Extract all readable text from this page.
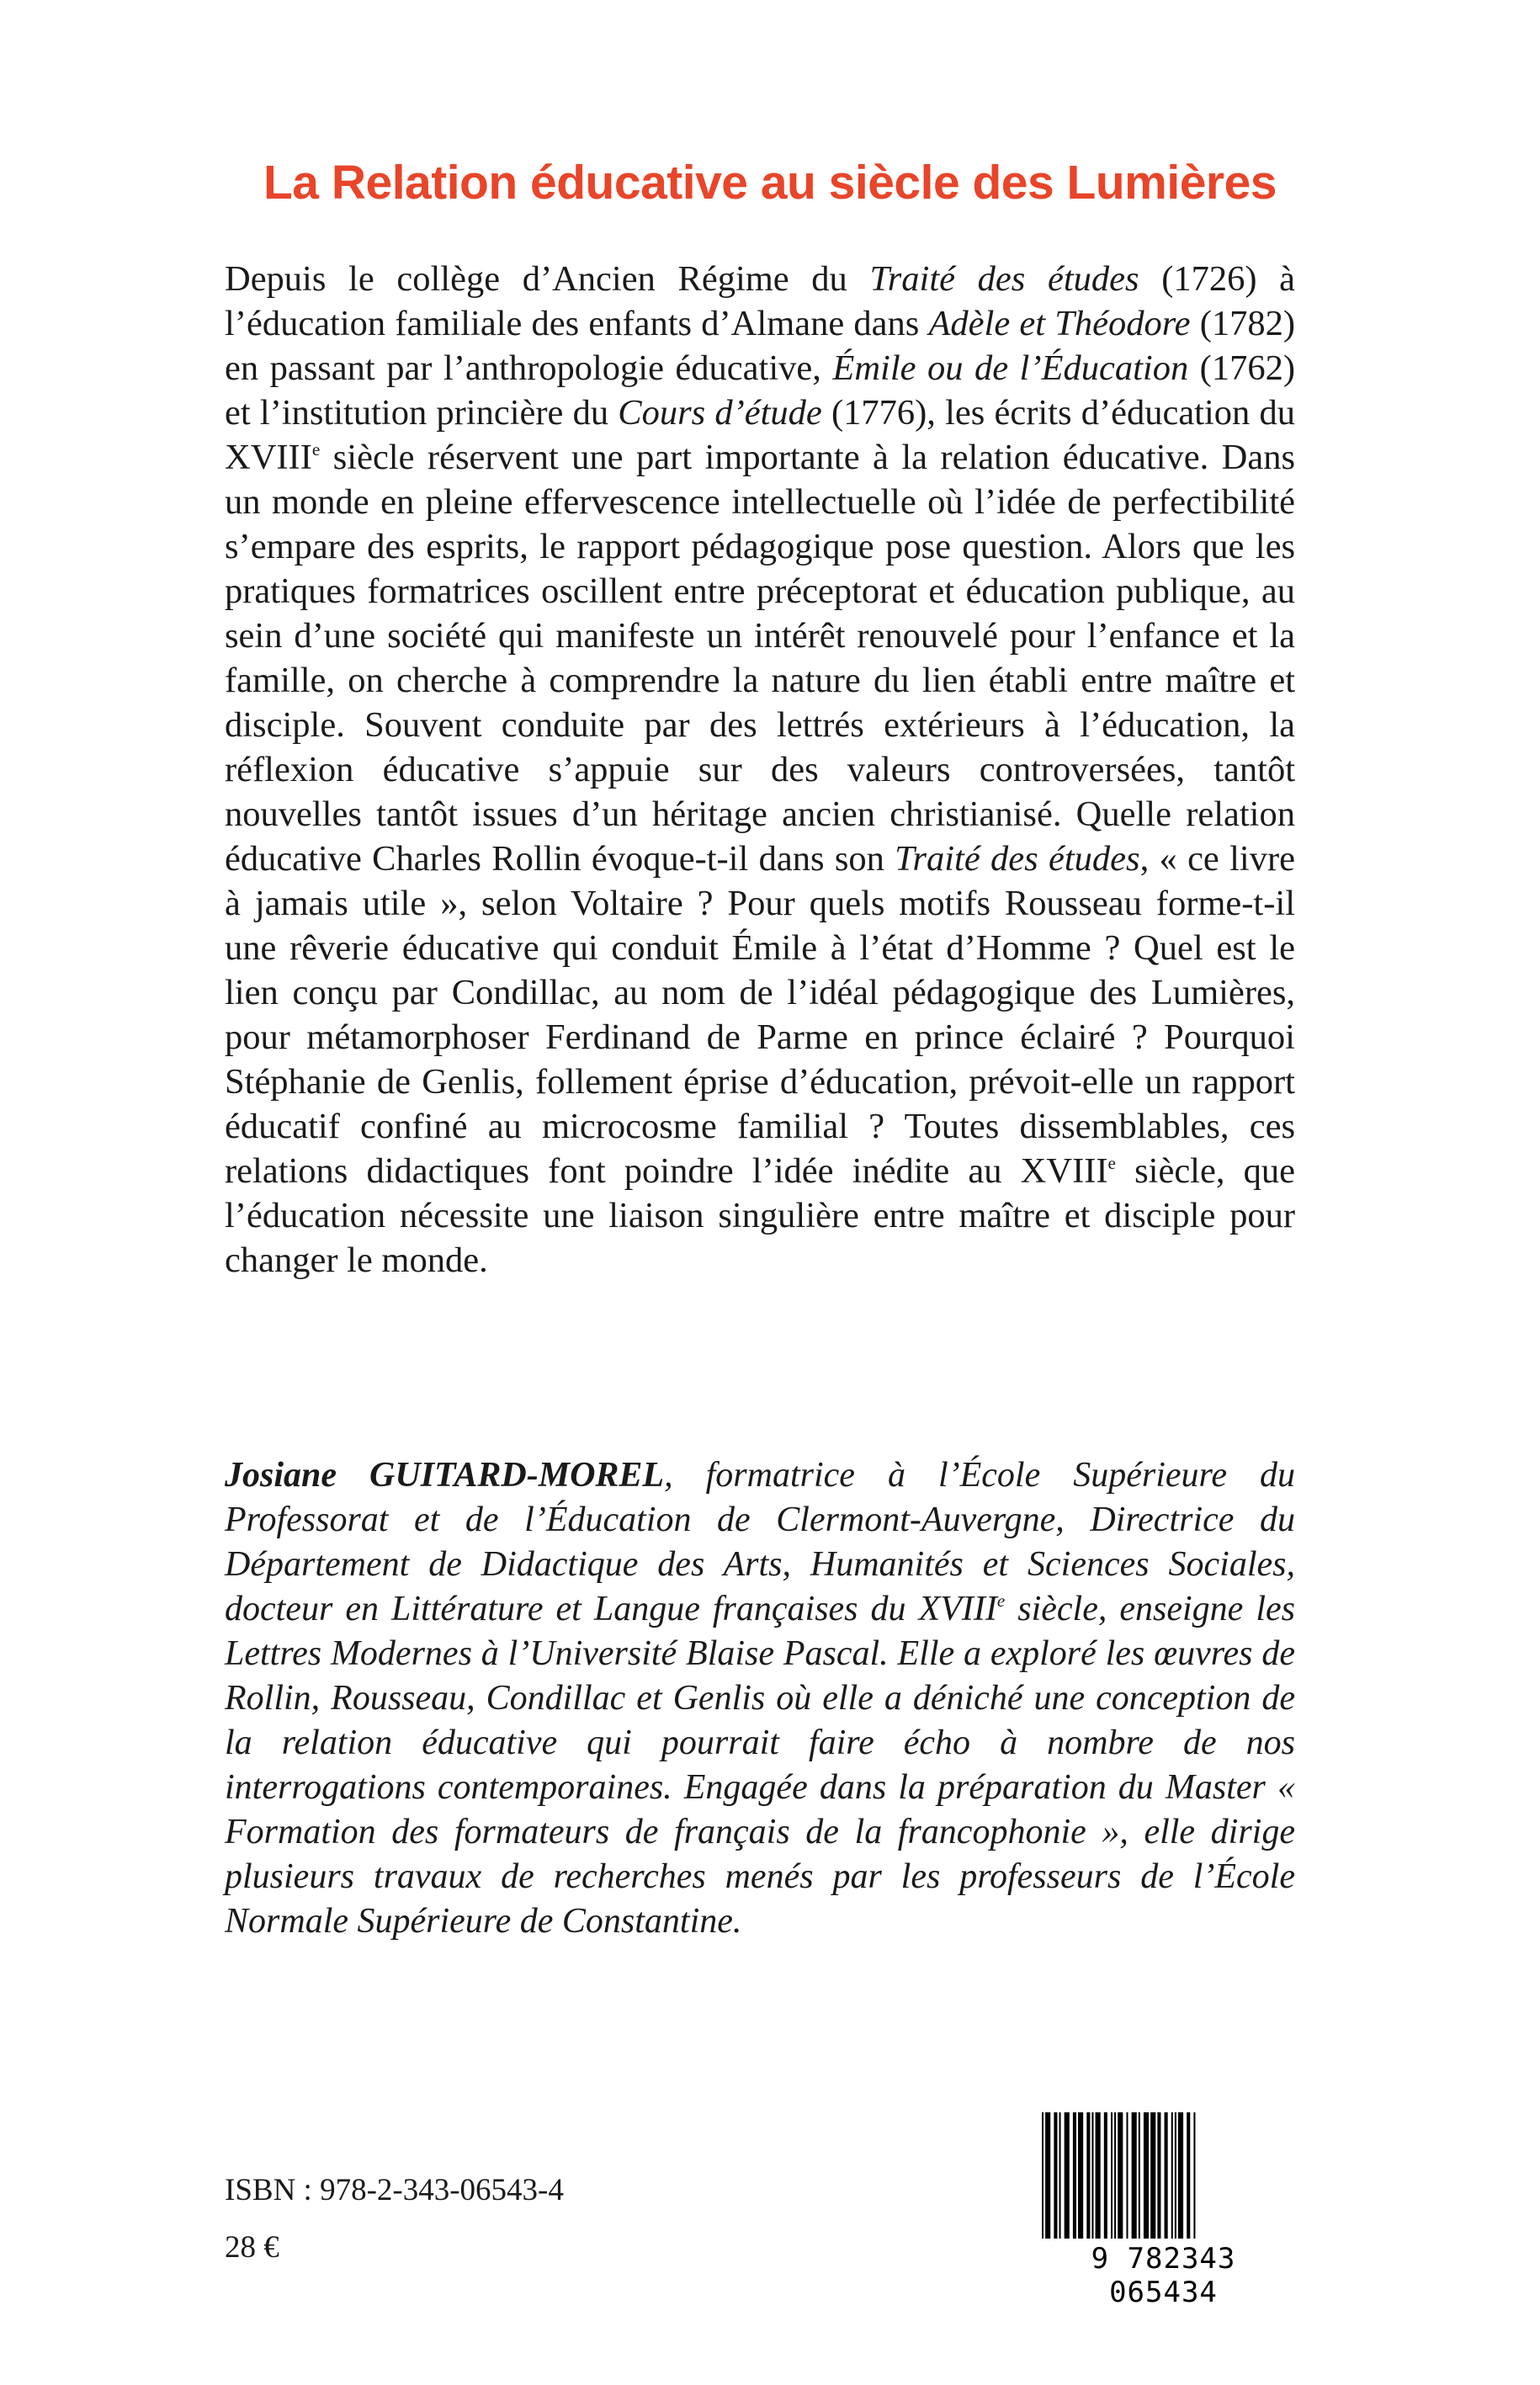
La Relation éducative au siècle des Lumières

Depuis le collège d’Ancien Régime du Traité des études (1726) à l’éducation familiale des enfants d’Almane dans Adèle et Théodore (1782) en passant par l’anthropologie éducative, Émile ou de l’Éducation (1762) et l’institution princière du Cours d’étude (1776), les écrits d’éducation du XVIIIe siècle réservent une part importante à la relation éducative. Dans un monde en pleine effervescence intellectuelle où l’idée de perfectibilité s’empare des esprits, le rapport pédagogique pose question. Alors que les pratiques formatrices oscillent entre préceptorat et éducation publique, au sein d’une société qui manifeste un intérêt renouvelé pour l’enfance et la famille, on cherche à comprendre la nature du lien établi entre maître et disciple. Souvent conduite par des lettrés extérieurs à l’éducation, la réflexion éducative s’appuie sur des valeurs controversées, tantôt nouvelles tantôt issues d’un héritage ancien christianisé. Quelle relation éducative Charles Rollin évoque-t-il dans son Traité des études, « ce livre à jamais utile », selon Voltaire ? Pour quels motifs Rousseau forme-t-il une rêverie éducative qui conduit Émile à l’état d’Homme ? Quel est le lien conçu par Condillac, au nom de l’idéal pédagogique des Lumières, pour métamorphoser Ferdinand de Parme en prince éclairé ? Pourquoi Stéphanie de Genlis, follement éprise d’éducation, prévoit-elle un rapport éducatif confiné au microcosme familial ? Toutes dissemblables, ces relations didactiques font poindre l’idée inédite au XVIIIe siècle, que l’éducation nécessite une liaison singulière entre maître et disciple pour changer le monde.

Josiane GUITARD-MOREL, formatrice à l’École Supérieure du Professorat et de l’Éducation de Clermont-Auvergne, Directrice du Département de Didactique des Arts, Humanités et Sciences Sociales, docteur en Littérature et Langue françaises du XVIIIe siècle, enseigne les Lettres Modernes à l’Université Blaise Pascal. Elle a exploré les œuvres de Rollin, Rousseau, Condillac et Genlis où elle a déniché une conception de la relation éducative qui pourrait faire écho à nombre de nos interrogations contemporaines. Engagée dans la préparation du Master « Formation des formateurs de français de la francophonie », elle dirige plusieurs travaux de recherches menés par les professeurs de l’École Normale Supérieure de Constantine.

ISBN : 978-2-343-06543-4

28 €	9 782343 065434
